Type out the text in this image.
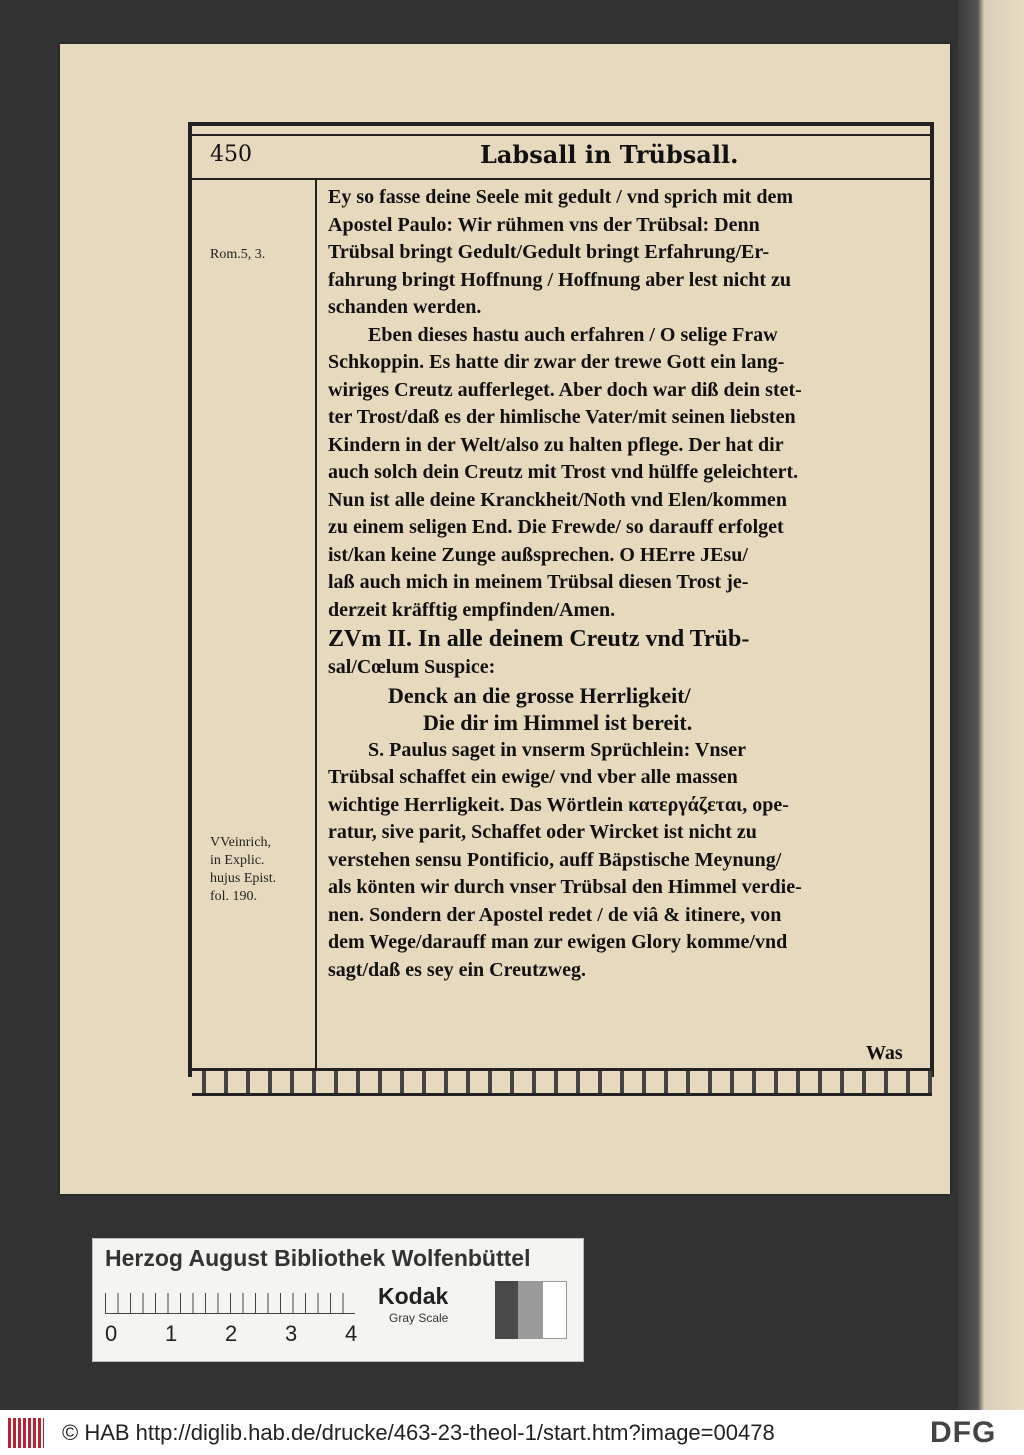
450	Labsall in Trübsall.
Rom.5, 3.
VVeinrich,
in Explic.
hujus Epist.
fol. 190.
Ey so fasse deine Seele mit gedult / vnd sprich mit dem
Apostel Paulo: Wir rühmen vns der Trübsal: Denn
Trübsal bringt Gedult/Gedult bringt Erfahrung/Er-
fahrung bringt Hoffnung / Hoffnung aber lest nicht zu
schanden werden.
Eben dieses hastu auch erfahren / O selige Fraw
Schkoppin. Es hatte dir zwar der trewe Gott ein lang-
wiriges Creutz aufferleget. Aber doch war diß dein stet-
ter Trost/daß es der himlische Vater/mit seinen liebsten
Kindern in der Welt/also zu halten pflege. Der hat dir
auch solch dein Creutz mit Trost vnd hülffe geleichtert.
Nun ist alle deine Kranckheit/Noth vnd Elen/kommen
zu einem seligen End. Die Frewde/ so darauff erfolget
ist/kan keine Zunge außsprechen. O HErre JEsu/
laß auch mich in meinem Trübsal diesen Trost je-
derzeit kräfftig empfinden/Amen.
ZVm II. In alle deinem Creutz vnd Trüb-
sal/Cœlum Suspice:
Denck an die grosse Herrligkeit/
Die dir im Himmel ist bereit.
S. Paulus saget in vnserm Sprüchlein: Vnser
Trübsal schaffet ein ewige/ vnd vber alle massen
wichtige Herrligkeit. Das Wörtlein κατεργάζεται, ope-
ratur, sive parit, Schaffet oder Wircket ist nicht zu
verstehen sensu Pontificio, auff Bäpstische Meynung/
als könten wir durch vnser Trübsal den Himmel verdie-
nen. Sondern der Apostel redet / de viâ & itinere, von
dem Wege/darauff man zur ewigen Glory komme/vnd
sagt/daß es sey ein Creutzweg.
Was
Herzog August Bibliothek Wolfenbüttel
0 1 2 3 4
Kodak
Gray Scale
© HAB http://diglib.hab.de/drucke/463-23-theol-1/start.htm?image=00478	DFG
